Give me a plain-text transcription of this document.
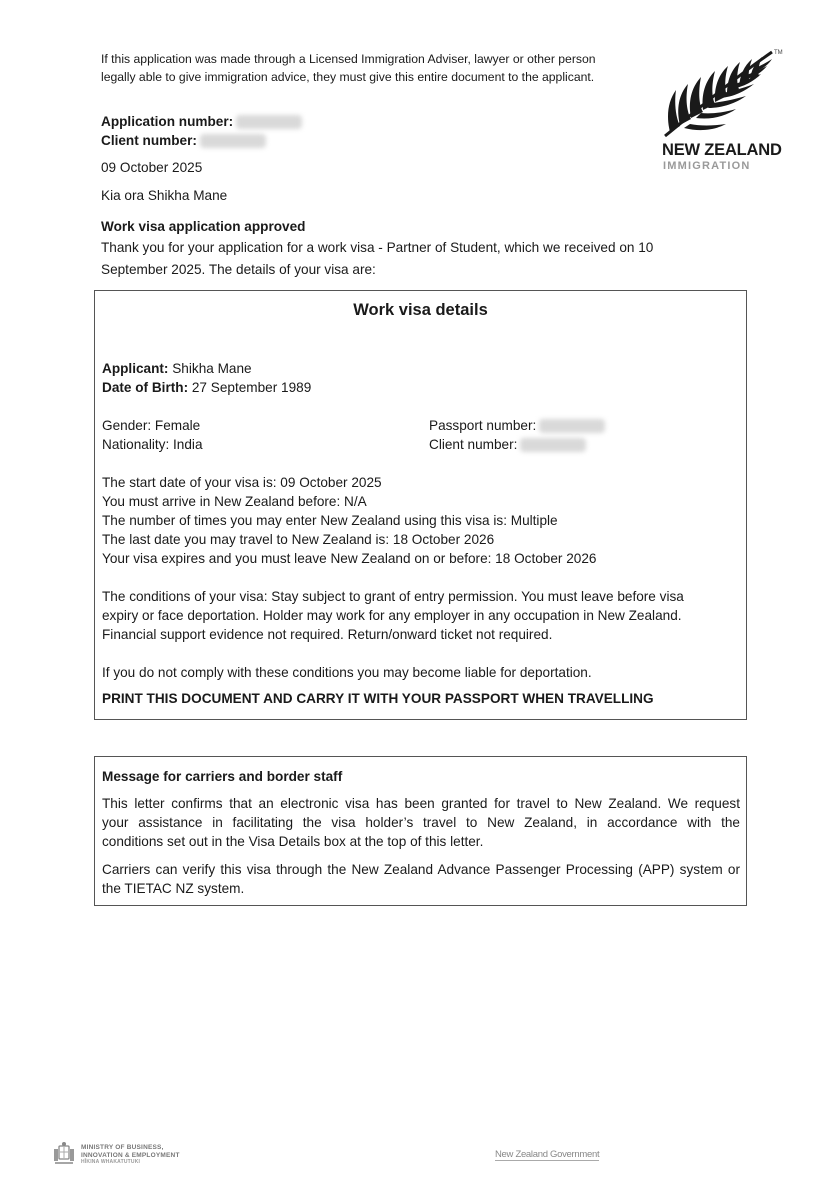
If this application was made through a Licensed Immigration Adviser, lawyer or other person
legally able to give immigration advice, they must give this entire document to the applicant.
TM
NEW ZEALAND
IMMIGRATION
Application number:
Client number:
09 October 2025
Kia ora Shikha Mane
Work visa application approved
Thank you for your application for a work visa - Partner of Student, which we received on 10
September 2025. The details of your visa are:
Work visa details
Applicant: Shikha Mane
Date of Birth: 27 September 1989
Gender: Female
Nationality: India
Passport number:
Client number:
The start date of your visa is: 09 October 2025
You must arrive in New Zealand before: N/A
The number of times you may enter New Zealand using this visa is: Multiple
The last date you may travel to New Zealand is: 18 October 2026
Your visa expires and you must leave New Zealand on or before: 18 October 2026
The conditions of your visa: Stay subject to grant of entry permission. You must leave before visa
expiry or face deportation. Holder may work for any employer in any occupation in New Zealand.
Financial support evidence not required. Return/onward ticket not required.
If you do not comply with these conditions you may become liable for deportation.
PRINT THIS DOCUMENT AND CARRY IT WITH YOUR PASSPORT WHEN TRAVELLING
Message for carriers and border staff
This letter confirms that an electronic visa has been granted for travel to New Zealand. We request
your assistance in facilitating the visa holder’s travel to New Zealand, in accordance with the
conditions set out in the Visa Details box at the top of this letter.
Carriers can verify this visa through the New Zealand Advance Passenger Processing (APP) system or
the TIETAC NZ system.
MINISTRY OF BUSINESS,
INNOVATION & EMPLOYMENT
HĪKINA WHAKATUTUKI
New Zealand Government
